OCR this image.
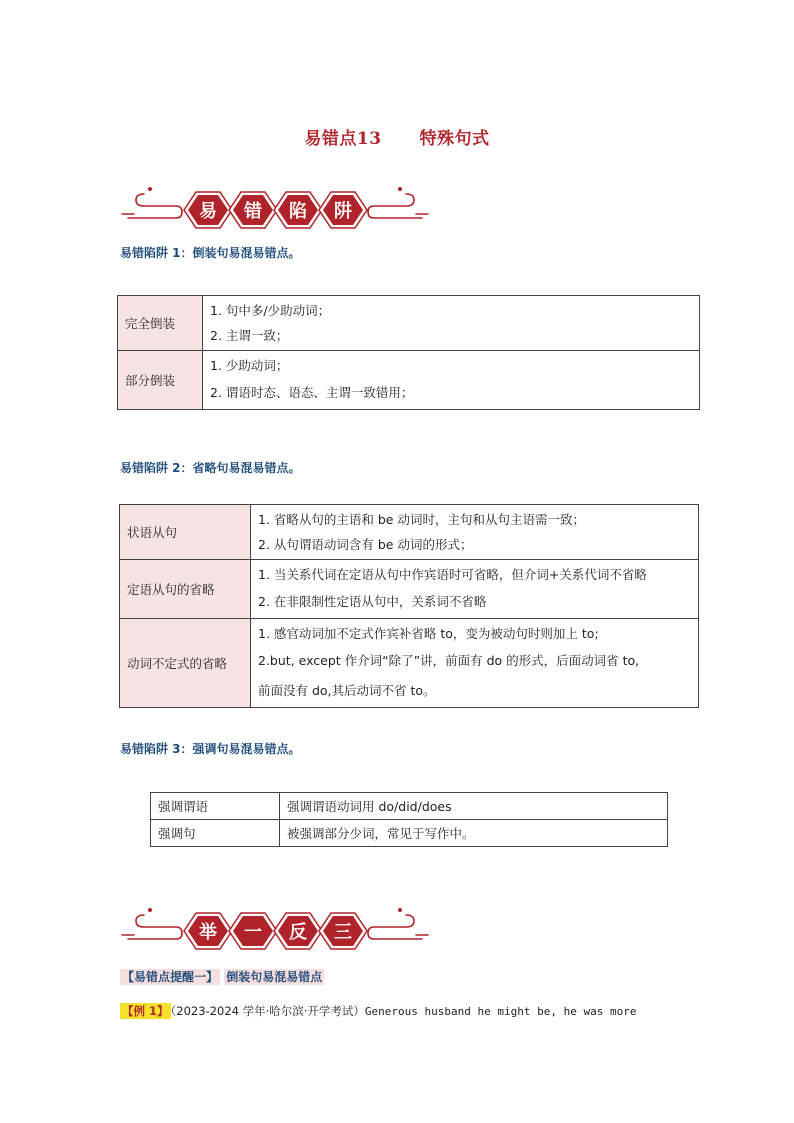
易错点13 特殊句式
易 错 陷 阱
易错陷阱 1：倒装句易混易错点。
完全倒装	1. 句中多/少助动词；
2. 主谓一致；

部分倒装	1. 少助动词；
2. 谓语时态、语态、主谓一致错用；
易错陷阱 2：省略句易混易错点。
状语从句	1. 省略从句的主语和 be 动词时，主句和从句主语需一致；
2. 从句谓语动词含有 be 动词的形式；

定语从句的省略	1. 当关系代词在定语从句中作宾语时可省略，但介词+关系代词不省略
2. 在非限制性定语从句中，关系词不省略

动词不定式的省略	1. 感官动词加不定式作宾补省略 to，变为被动句时则加上 to;
2.but, except 作介词“除了”讲，前面有 do 的形式，后面动词省 to,
前面没有 do,其后动词不省 to。
易错陷阱 3：强调句易混易错点。
强调谓语	强调谓语动词用 do/did/does
强调句	被强调部分少词，常见于写作中。
举 一 反 三
【易错点提醒一】 倒装句易混易错点
【例 1】 （2023-2024 学年·哈尔滨·开学考试）Generous husband he might be, he was more
